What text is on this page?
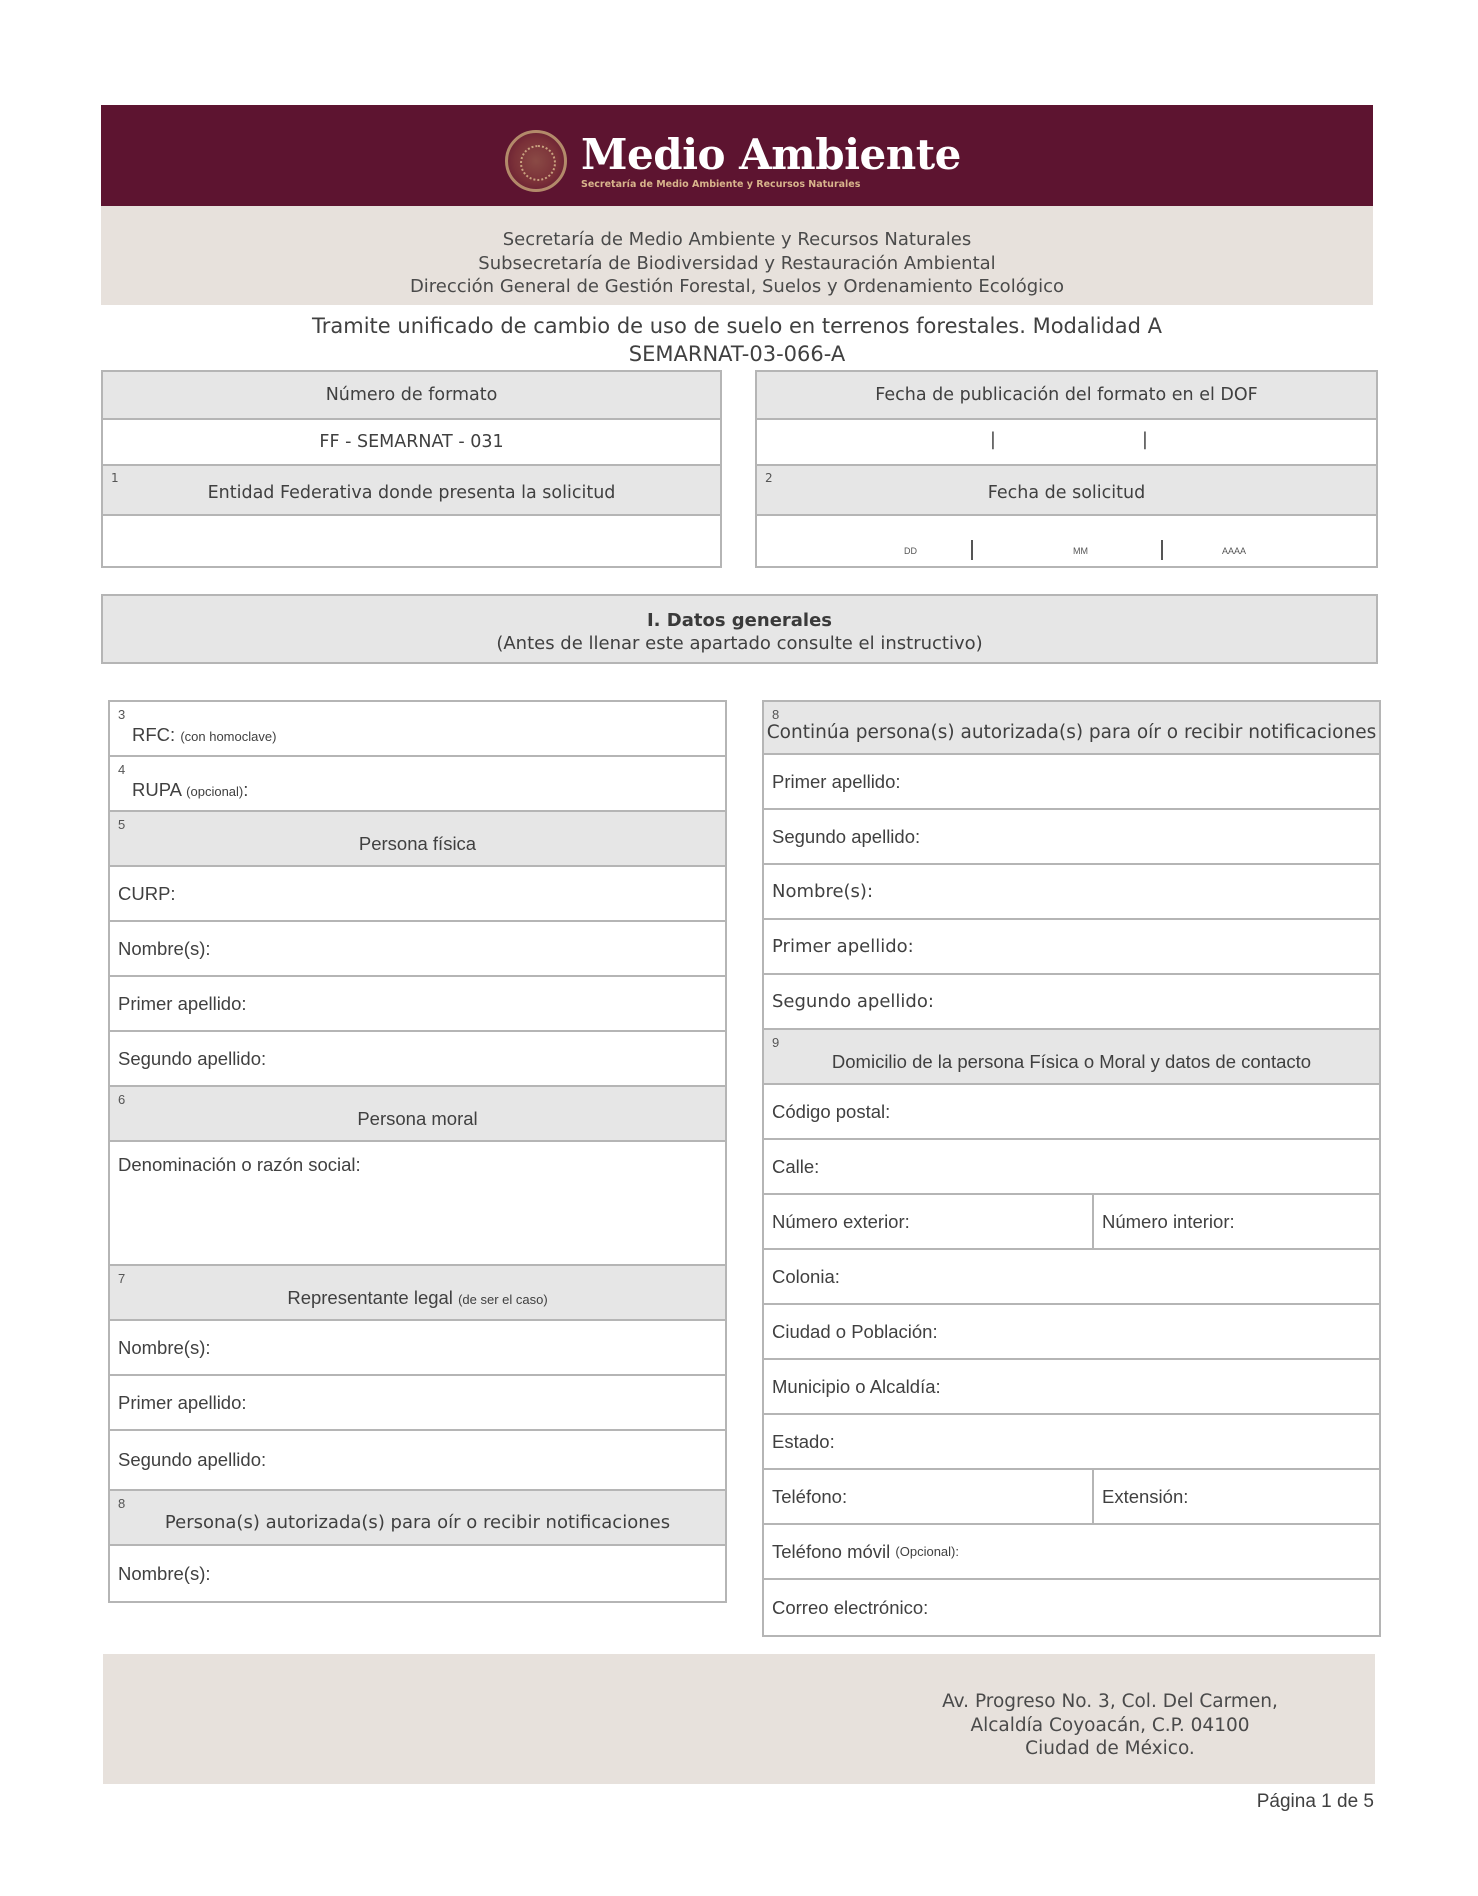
Medio Ambiente
Secretaría de Medio Ambiente y Recursos Naturales
Secretaría de Medio Ambiente y Recursos Naturales
Subsecretaría de Biodiversidad y Restauración Ambiental
Dirección General de Gestión Forestal, Suelos y Ordenamiento Ecológico
Tramite unificado de cambio de uso de suelo en terrenos forestales. Modalidad A
SEMARNAT-03-066-A
Número de formato
FF - SEMARNAT - 031
1
Entidad Federativa donde presenta la solicitud
Fecha de publicación del formato en el DOF
|	|
2
Fecha de solicitud
DD	MM	AAAA
I. Datos generales
(Antes de llenar este apartado consulte el instructivo)
3
RFC: (con homoclave)
4
RUPA (opcional):
5
Persona física
CURP:
Nombre(s):
Primer apellido:
Segundo apellido:
6
Persona moral
Denominación o razón social:
7
Representante legal (de ser el caso)
Nombre(s):
Primer apellido:
Segundo apellido:
8
Persona(s) autorizada(s) para oír o recibir notificaciones
Nombre(s):
8
Continúa persona(s) autorizada(s) para oír o recibir notificaciones
Primer apellido:
Segundo apellido:
Nombre(s):
Primer apellido:
Segundo apellido:
9
Domicilio de la persona Física o Moral y datos de contacto
Código postal:
Calle:
Número exterior:	Número interior:
Colonia:
Ciudad o Población:
Municipio o Alcaldía:
Estado:
Teléfono:	Extensión:
Teléfono móvil
(Opcional):
Correo electrónico:
Av. Progreso No. 3, Col. Del Carmen,
Alcaldía Coyoacán, C.P. 04100
Ciudad de México.
Página 1 de 5
